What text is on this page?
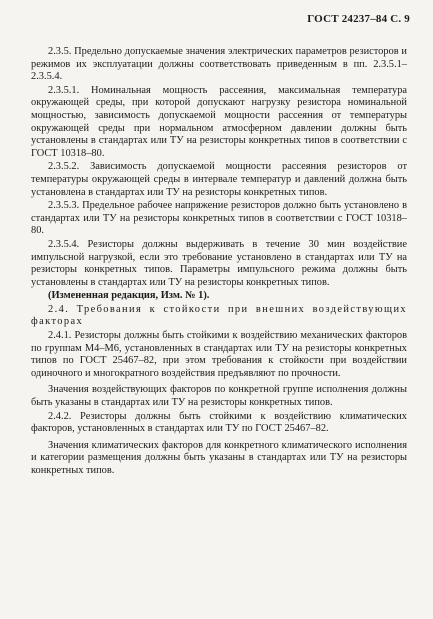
ГОСТ 24237–84 С. 9

2.3.5. Предельно допускаемые значения электрических параметров резисторов и режимов их эксплуатации должны соответствовать приведенным в пп. 2.3.5.1–2.3.5.4.

2.3.5.1. Номинальная мощность рассеяния, максимальная температура окружающей среды, при которой допускают нагрузку резистора номинальной мощностью, зависимость допускаемой мощности рассеяния от температуры окружающей среды при нормальном атмосферном давлении должны быть установлены в стандартах или ТУ на резисторы конкретных типов в соответствии с ГОСТ 10318–80.

2.3.5.2. Зависимость допускаемой мощности рассеяния резисторов от температуры окружающей среды в интервале температур и давлений должна быть установлена в стандартах или ТУ на резисторы конкретных типов.

2.3.5.3. Предельное рабочее напряжение резисторов должно быть установлено в стандартах или ТУ на резисторы конкретных типов в соответствии с ГОСТ 10318–80.

2.3.5.4. Резисторы должны выдерживать в течение 30 мин воздействие импульсной нагрузкой, если это требование установлено в стандартах или ТУ на резисторы конкретных типов. Параметры импульсного режима должны быть установлены в стандартах или ТУ на резисторы конкретных типов.

(Измененная редакция, Изм. № 1).

2.4. Требования к стойкости при внешних воздействующих факторах

2.4.1. Резисторы должны быть стойкими к воздействию механических факторов по группам М4–М6, установленных в стандартах или ТУ на резисторы конкретных типов по ГОСТ 25467–82, при этом требования к стойкости при воздействии одиночного и многократного воздействия предъявляют по прочности.

Значения воздействующих факторов по конкретной группе исполнения должны быть указаны в стандартах или ТУ на резисторы конкретных типов.

2.4.2. Резисторы должны быть стойкими к воздействию климатических факторов, установленных в стандартах или ТУ по ГОСТ 25467–82.

Значения климатических факторов для конкретного климатического исполнения и категории размещения должны быть указаны в стандартах или ТУ на резисторы конкретных типов.
